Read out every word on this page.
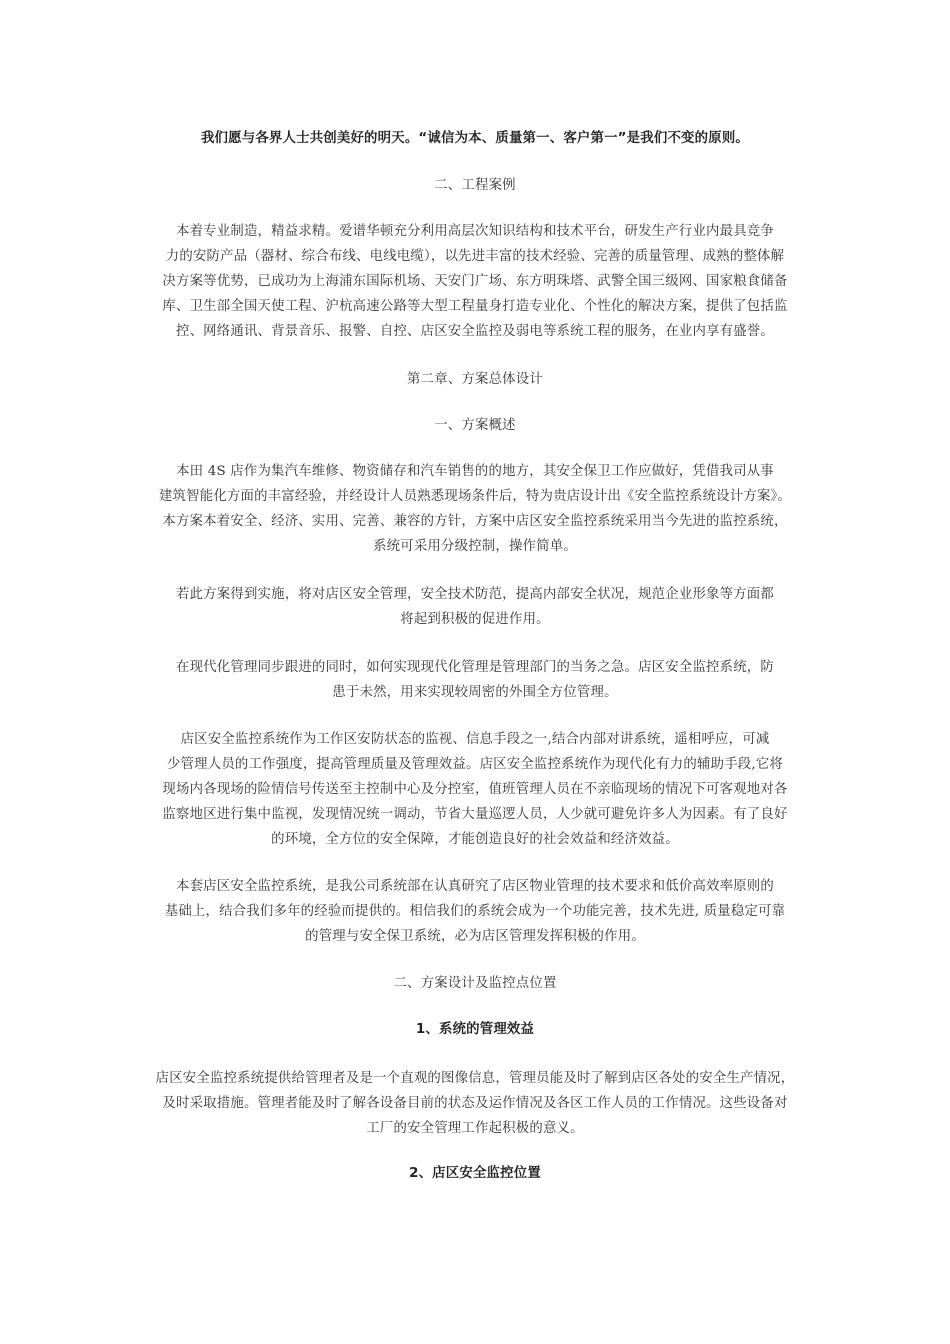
我们愿与各界人士共创美好的明天。“诚信为本、质量第一、客户第一”是我们不变的原则。
二、工程案例
本着专业制造，精益求精。爱谱华顿充分利用高层次知识结构和技术平台，研发生产行业内最具竞争
力的安防产品（器材、综合布线、电线电缆），以先进丰富的技术经验、完善的质量管理、成熟的整体解
决方案等优势，已成功为上海浦东国际机场、天安门广场、东方明珠塔、武警全国三级网、国家粮食储备
库、卫生部全国天使工程、沪杭高速公路等大型工程量身打造专业化、个性化的解决方案，提供了包括监
控、网络通讯、背景音乐、报警、自控、店区安全监控及弱电等系统工程的服务，在业内享有盛誉。
第二章、方案总体设计
一、方案概述
本田 4S 店作为集汽车维修、物资储存和汽车销售的的地方，其安全保卫工作应做好，凭借我司从事
建筑智能化方面的丰富经验，并经设计人员熟悉现场条件后，特为贵店设计出《安全监控系统设计方案》。
本方案本着安全、经济、实用、完善、兼容的方针，方案中店区安全监控系统采用当今先进的监控系统，
系统可采用分级控制，操作简单。
若此方案得到实施，将对店区安全管理，安全技术防范，提高内部安全状况，规范企业形象等方面都
将起到积极的促进作用。
在现代化管理同步跟进的同时，如何实现现代化管理是管理部门的当务之急。店区安全监控系统，防
患于未然，用来实现较周密的外围全方位管理。
店区安全监控系统作为工作区安防状态的监视、信息手段之一,结合内部对讲系统，遥相呼应，可减
少管理人员的工作强度，提高管理质量及管理效益。店区安全监控系统作为现代化有力的辅助手段,它将
现场内各现场的险情信号传送至主控制中心及分控室，值班管理人员在不亲临现场的情况下可客观地对各
监察地区进行集中监视，发现情况统一调动，节省大量巡逻人员，人少就可避免许多人为因素。有了良好
的环境，全方位的安全保障，才能创造良好的社会效益和经济效益。
本套店区安全监控系统，是我公司系统部在认真研究了店区物业管理的技术要求和低价高效率原则的
基础上，结合我们多年的经验而提供的。相信我们的系统会成为一个功能完善，技术先进, 质量稳定可靠
的管理与安全保卫系统，必为店区管理发挥积极的作用。
二、方案设计及监控点位置
1、系统的管理效益
店区安全监控系统提供给管理者及是一个直观的图像信息，管理员能及时了解到店区各处的安全生产情况，
及时采取措施。管理者能及时了解各设备目前的状态及运作情况及各区工作人员的工作情况。这些设备对
工厂的安全管理工作起积极的意义。
2、店区安全监控位置
